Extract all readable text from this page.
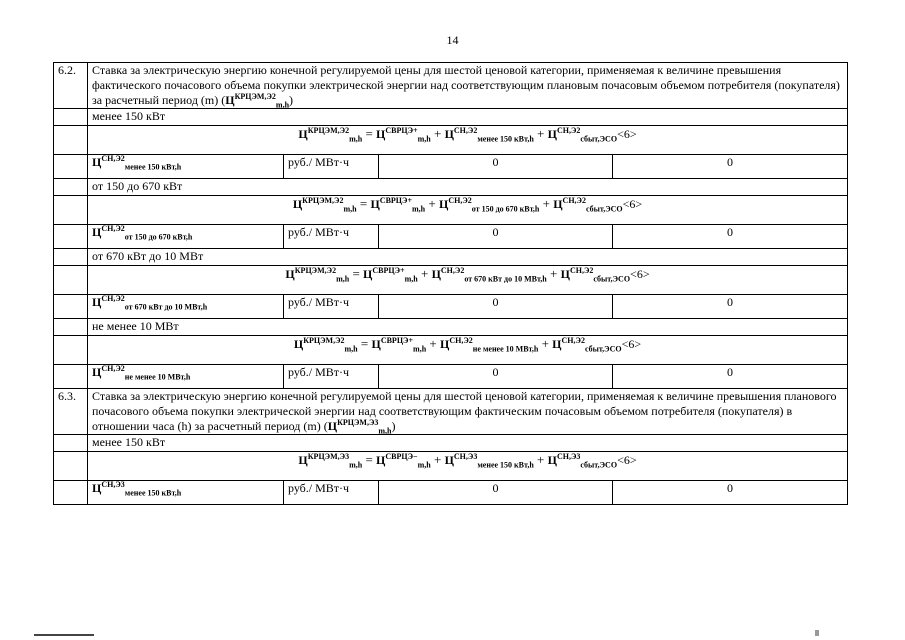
14
6.2.	Ставка за электрическую энергию конечной регулируемой цены для шестой ценовой категории, применяемая к величине превышения фактического почасового объема покупки электрической энергии над соответствующим плановым почасовым объемом потребителя (покупателя) за расчетный период (m) $(Ц^{КРЦЭМ,Э2}_{m,h})$			
	менее 150 кВт			
	$Ц^{КРЦЭМ,Э2}_{m,h} = Ц^{СВРЦЭ+}_{m,h} + Ц^{СН,Э2}_{менее 150 кВт,h} + Ц^{СН,Э2}_{сбыт,ЭСО}<6>$			
	$Ц^{СН,Э2}_{менее 150 кВт,h}$	руб./ МВт·ч	0	0
	от 150 до 670 кВт			
	$Ц^{КРЦЭМ,Э2}_{m,h} = Ц^{СВРЦЭ+}_{m,h} + Ц^{СН,Э2}_{от 150 до 670 кВт,h} + Ц^{СН,Э2}_{сбыт,ЭСО}<6>$			
	$Ц^{СН,Э2}_{от 150 до 670 кВт,h}$	руб./ МВт·ч	0	0
	от 670 кВт до 10 МВт			
	$Ц^{КРЦЭМ,Э2}_{m,h} = Ц^{СВРЦЭ+}_{m,h} + Ц^{СН,Э2}_{от 670 кВт до 10 МВт,h} + Ц^{СН,Э2}_{сбыт,ЭСО}<6>$			
	$Ц^{СН,Э2}_{от 670 кВт до 10 МВт,h}$	руб./ МВт·ч	0	0
	не менее 10 МВт			
	$Ц^{КРЦЭМ,Э2}_{m,h} = Ц^{СВРЦЭ+}_{m,h} + Ц^{СН,Э2}_{не менее 10 МВт,h} + Ц^{СН,Э2}_{сбыт,ЭСО}<6>$			
	$Ц^{СН,Э2}_{не менее 10 МВт,h}$	руб./ МВт·ч	0	0
6.3.	Ставка за электрическую энергию конечной регулируемой цены для шестой ценовой категории, применяемая к величине превышения планового почасового объема покупки электрической энергии над соответствующим фактическим почасовым объемом потребителя (покупателя) в отношении часа (h) за расчетный период (m) $(Ц^{КРЦЭМ,Э3}_{m,h})$			
	менее 150 кВт			
	$Ц^{КРЦЭМ,Э3}_{m,h} = Ц^{СВРЦЭ-}_{m,h} + Ц^{СН,Э3}_{менее 150 кВт,h} + Ц^{СН,Э3}_{сбыт,ЭСО}<6>$			
	$Ц^{СН,Э3}_{менее 150 кВт,h}$	руб./ МВт·ч	0	0
